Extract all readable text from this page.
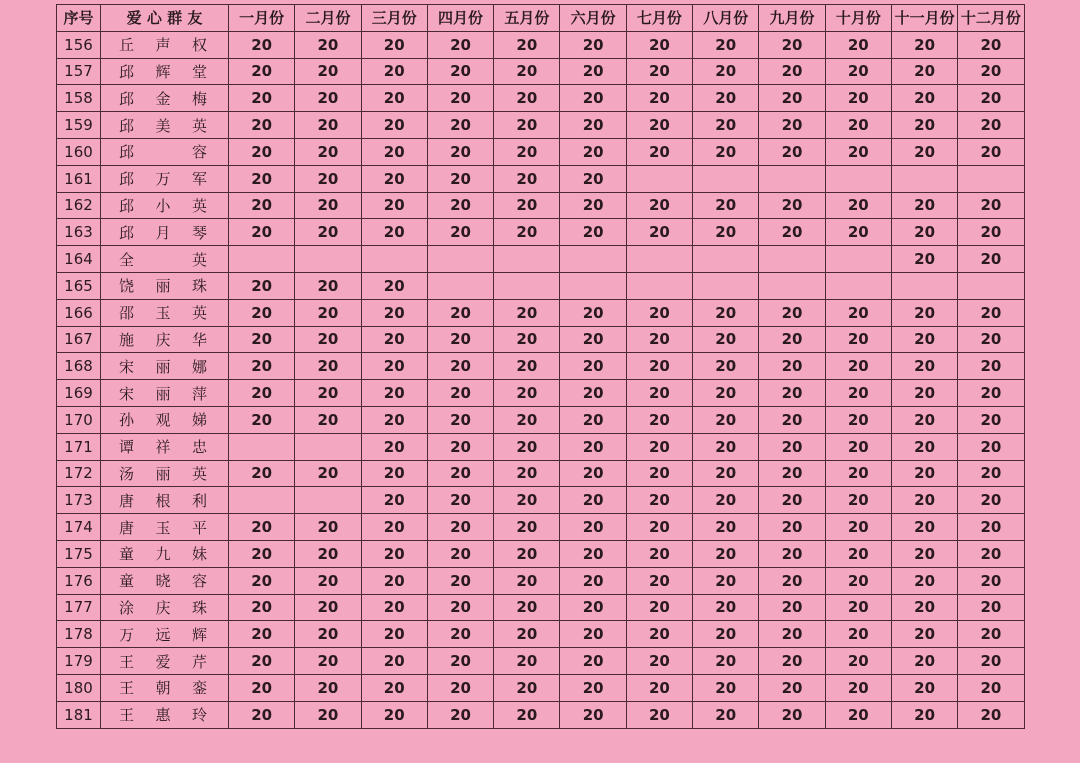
序号	爱 心 群 友	一月份	二月份	三月份	四月份	五月份	六月份	七月份	八月份	九月份	十月份	十一月份	十二月份
156	丘 声 权	20	20	20	20	20	20	20	20	20	20	20	20
157	邱 辉 堂	20	20	20	20	20	20	20	20	20	20	20	20
158	邱 金 梅	20	20	20	20	20	20	20	20	20	20	20	20
159	邱 美 英	20	20	20	20	20	20	20	20	20	20	20	20
160	邱 容	20	20	20	20	20	20	20	20	20	20	20	20
161	邱 万 军	20	20	20	20	20	20						
162	邱 小 英	20	20	20	20	20	20	20	20	20	20	20	20
163	邱 月 琴	20	20	20	20	20	20	20	20	20	20	20	20
164	全 英											20	20
165	饶 丽 珠	20	20	20									
166	邵 玉 英	20	20	20	20	20	20	20	20	20	20	20	20
167	施 庆 华	20	20	20	20	20	20	20	20	20	20	20	20
168	宋 丽 娜	20	20	20	20	20	20	20	20	20	20	20	20
169	宋 丽 萍	20	20	20	20	20	20	20	20	20	20	20	20
170	孙 观 娣	20	20	20	20	20	20	20	20	20	20	20	20
171	谭 祥 忠			20	20	20	20	20	20	20	20	20	20
172	汤 丽 英	20	20	20	20	20	20	20	20	20	20	20	20
173	唐 根 利			20	20	20	20	20	20	20	20	20	20
174	唐 玉 平	20	20	20	20	20	20	20	20	20	20	20	20
175	童 九 妹	20	20	20	20	20	20	20	20	20	20	20	20
176	童 晓 容	20	20	20	20	20	20	20	20	20	20	20	20
177	涂 庆 珠	20	20	20	20	20	20	20	20	20	20	20	20
178	万 远 辉	20	20	20	20	20	20	20	20	20	20	20	20
179	王 爱 芹	20	20	20	20	20	20	20	20	20	20	20	20
180	王 朝 銮	20	20	20	20	20	20	20	20	20	20	20	20
181	王 惠 玲	20	20	20	20	20	20	20	20	20	20	20	20
